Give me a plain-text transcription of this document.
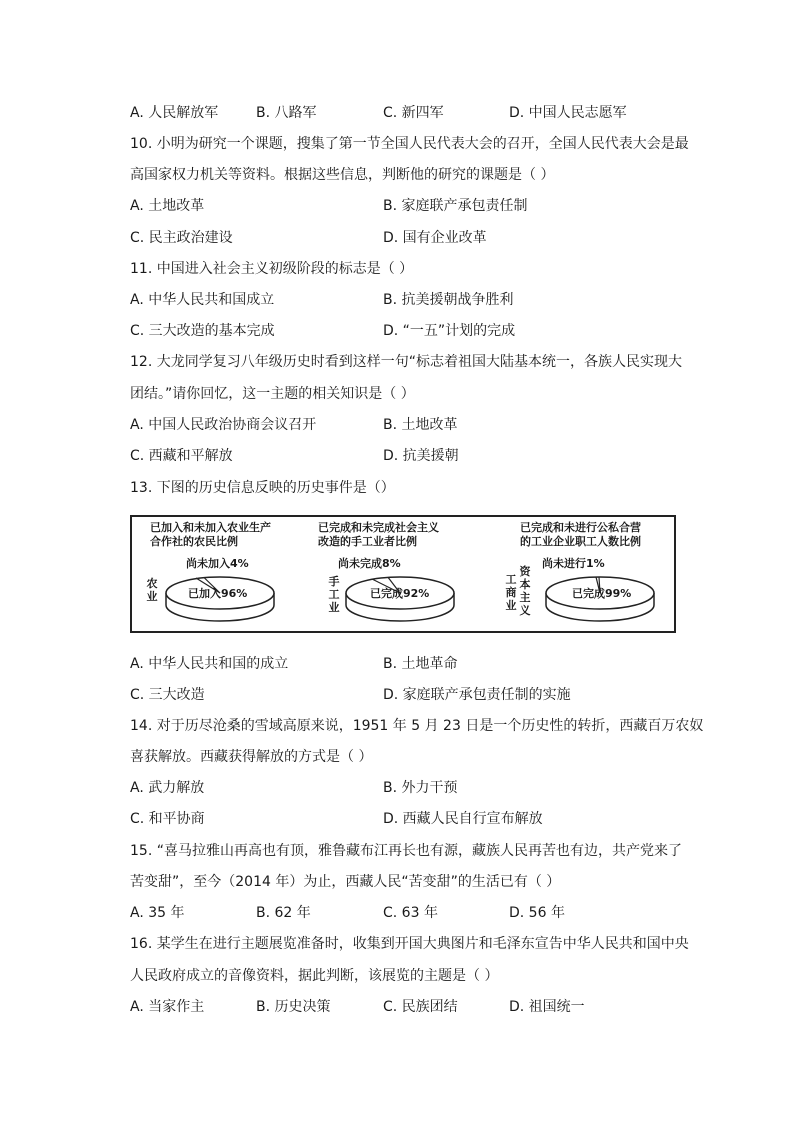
A. 人民解放军	B. 八路军	C. 新四军	D. 中国人民志愿军
10. 小明为研究一个课题，搜集了第一节全国人民代表大会的召开，全国人民代表大会是最
高国家权力机关等资料。根据这些信息，判断他的研究的课题是（ ）
A. 土地改革	B. 家庭联产承包责任制
C. 民主政治建设	D. 国有企业改革
11. 中国进入社会主义初级阶段的标志是（ ）
A. 中华人民共和国成立	B. 抗美援朝战争胜利
C. 三大改造的基本完成	D. “一五”计划的完成
12. 大龙同学复习八年级历史时看到这样一句“标志着祖国大陆基本统一，各族人民实现大
团结。”请你回忆，这一主题的相关知识是（ ）
A. 中国人民政治协商会议召开	B. 土地改革
C. 西藏和平解放	D. 抗美援朝
13. 下图的历史信息反映的历史事件是（）
已加入和未加入农业生产
合作社的农民比例
尚未加入4%
农业	已加入96%
已完成和未完成社会主义
改造的手工业者比例
尚未完成8%
手工业
已完成92%
已完成和未进行公私合营
的工业企业职工人数比例
尚未进行1%
工商业
资本主义
已完成99%
A. 中华人民共和国的成立	B. 土地革命
C. 三大改造	D. 家庭联产承包责任制的实施
14. 对于历尽沧桑的雪域高原来说，1951 年 5 月 23 日是一个历史性的转折，西藏百万农奴
喜获解放。西藏获得解放的方式是（ ）
A. 武力解放	B. 外力干预
C. 和平协商	D. 西藏人民自行宣布解放
15. “喜马拉雅山再高也有顶，雅鲁藏布江再长也有源，藏族人民再苦也有边，共产党来了
苦变甜”，至今（2014 年）为止，西藏人民“苦变甜”的生活已有（ ）
A. 35 年	B. 62 年	C. 63 年	D. 56 年
16. 某学生在进行主题展览准备时，收集到开国大典图片和毛泽东宣告中华人民共和国中央
人民政府成立的音像资料，据此判断，该展览的主题是（ ）
A. 当家作主	B. 历史决策	C. 民族团结	D. 祖国统一
